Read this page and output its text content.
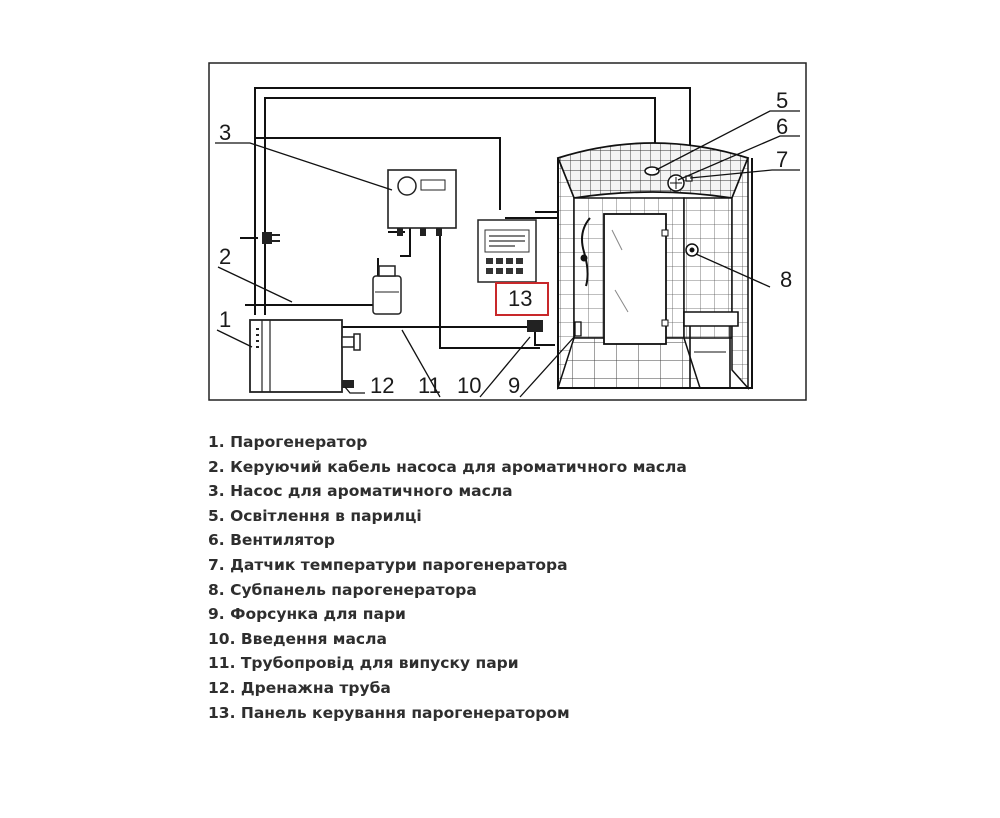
1
2
3
5
6
7
8
9
10
11
12
13
1. Парогенератор
2. Керуючий кабель насоса для ароматичного масла
3. Насос для ароматичного масла
5. Освітлення в парилці
6. Вентилятор
7. Датчик температури парогенератора
8. Субпанель парогенератора
9. Форсунка для пари
10. Введення масла
11. Трубопровід для випуску пари
12. Дренажна труба
13. Панель керування парогенератором
